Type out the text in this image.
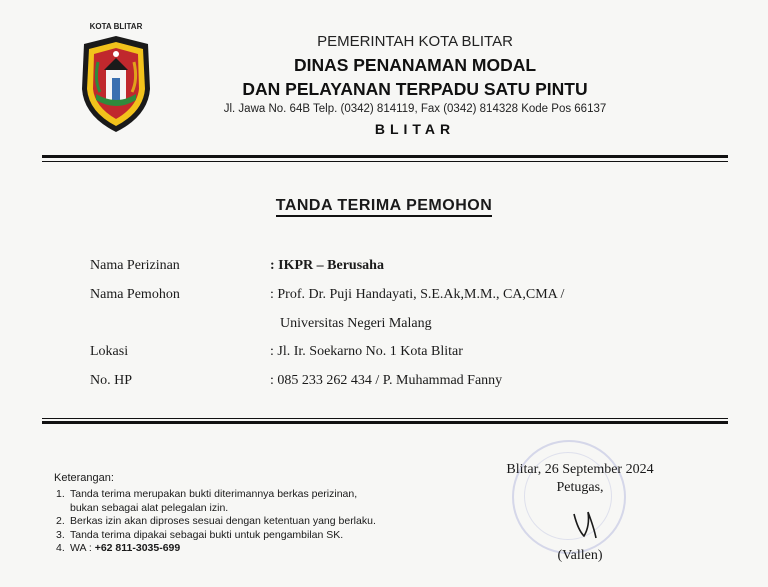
KOTA BLITAR
PEMERINTAH KOTA BLITAR
DINAS PENANAMAN MODAL
DAN PELAYANAN TERPADU SATU PINTU
Jl. Jawa No. 64B Telp. (0342) 814119, Fax (0342) 814328 Kode Pos 66137
BLITAR
TANDA TERIMA PEMOHON
Nama Perizinan	: IKPR – Berusaha
Nama Pemohon	: Prof. Dr. Puji Handayati, S.E.Ak,M.M., CA,CMA /
Universitas Negeri Malang
Lokasi	: Jl. Ir. Soekarno No. 1 Kota Blitar
No. HP	: 085 233 262 434 / P. Muhammad Fanny
Keterangan:
1. Tanda terima merupakan bukti diterimannya berkas perizinan,
bukan sebagai alat pelegalan izin.
2. Berkas izin akan diproses sesuai dengan ketentuan yang berlaku.
3. Tanda terima dipakai sebagai bukti untuk pengambilan SK.
4. WA : +62 811-3035-699
Blitar, 26 September 2024
Petugas,
(Vallen)
